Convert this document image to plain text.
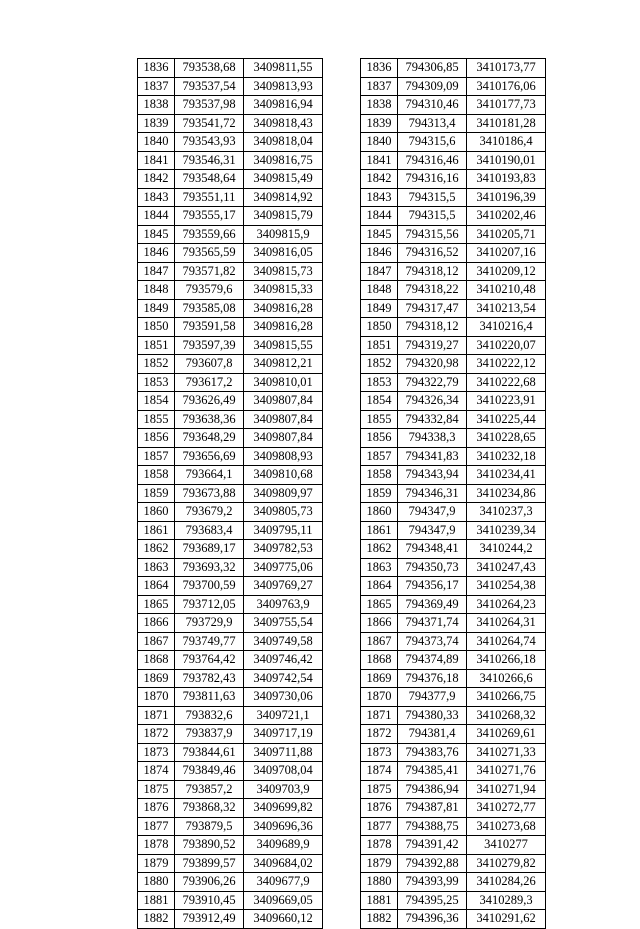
1836	793538,68	3409811,55
1837	793537,54	3409813,93
1838	793537,98	3409816,94
1839	793541,72	3409818,43
1840	793543,93	3409818,04
1841	793546,31	3409816,75
1842	793548,64	3409815,49
1843	793551,11	3409814,92
1844	793555,17	3409815,79
1845	793559,66	3409815,9
1846	793565,59	3409816,05
1847	793571,82	3409815,73
1848	793579,6	3409815,33
1849	793585,08	3409816,28
1850	793591,58	3409816,28
1851	793597,39	3409815,55
1852	793607,8	3409812,21
1853	793617,2	3409810,01
1854	793626,49	3409807,84
1855	793638,36	3409807,84
1856	793648,29	3409807,84
1857	793656,69	3409808,93
1858	793664,1	3409810,68
1859	793673,88	3409809,97
1860	793679,2	3409805,73
1861	793683,4	3409795,11
1862	793689,17	3409782,53
1863	793693,32	3409775,06
1864	793700,59	3409769,27
1865	793712,05	3409763,9
1866	793729,9	3409755,54
1867	793749,77	3409749,58
1868	793764,42	3409746,42
1869	793782,43	3409742,54
1870	793811,63	3409730,06
1871	793832,6	3409721,1
1872	793837,9	3409717,19
1873	793844,61	3409711,88
1874	793849,46	3409708,04
1875	793857,2	3409703,9
1876	793868,32	3409699,82
1877	793879,5	3409696,36
1878	793890,52	3409689,9
1879	793899,57	3409684,02
1880	793906,26	3409677,9
1881	793910,45	3409669,05
1882	793912,49	3409660,12
1836	794306,85	3410173,77
1837	794309,09	3410176,06
1838	794310,46	3410177,73
1839	794313,4	3410181,28
1840	794315,6	3410186,4
1841	794316,46	3410190,01
1842	794316,16	3410193,83
1843	794315,5	3410196,39
1844	794315,5	3410202,46
1845	794315,56	3410205,71
1846	794316,52	3410207,16
1847	794318,12	3410209,12
1848	794318,22	3410210,48
1849	794317,47	3410213,54
1850	794318,12	3410216,4
1851	794319,27	3410220,07
1852	794320,98	3410222,12
1853	794322,79	3410222,68
1854	794326,34	3410223,91
1855	794332,84	3410225,44
1856	794338,3	3410228,65
1857	794341,83	3410232,18
1858	794343,94	3410234,41
1859	794346,31	3410234,86
1860	794347,9	3410237,3
1861	794347,9	3410239,34
1862	794348,41	3410244,2
1863	794350,73	3410247,43
1864	794356,17	3410254,38
1865	794369,49	3410264,23
1866	794371,74	3410264,31
1867	794373,74	3410264,74
1868	794374,89	3410266,18
1869	794376,18	3410266,6
1870	794377,9	3410266,75
1871	794380,33	3410268,32
1872	794381,4	3410269,61
1873	794383,76	3410271,33
1874	794385,41	3410271,76
1875	794386,94	3410271,94
1876	794387,81	3410272,77
1877	794388,75	3410273,68
1878	794391,42	3410277
1879	794392,88	3410279,82
1880	794393,99	3410284,26
1881	794395,25	3410289,3
1882	794396,36	3410291,62
